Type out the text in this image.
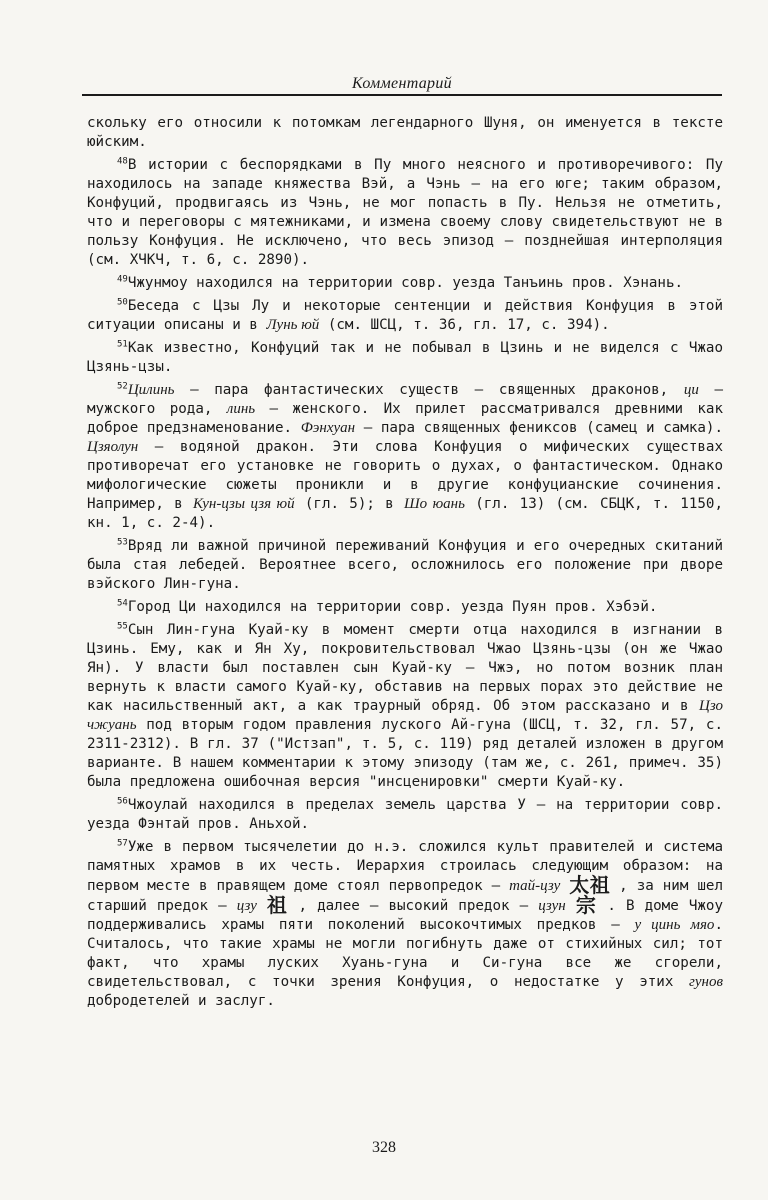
Комментарий

скольку его относили к потомкам легендарного Шуня, он именуется в тексте юйским.

$^{48}$В истории с беспорядками в Пу много неясного и противоречивого: Пу находилось на западе княжества Вэй, а Чэнь — на его юге; таким образом, Конфуций, продвигаясь из Чэнь, не мог попасть в Пу. Нельзя не отметить, что и переговоры с мятежниками, и измена своему слову свидетельствуют не в пользу Конфуция. Не исключено, что весь эпизод — позднейшая интерполяция (см. ХЧКЧ, т. 6, с. 2890).

$^{49}$Чжунмоу находился на территории совр. уезда Танъинь пров. Хэнань.

$^{50}$Беседа с Цзы Лу и некоторые сентенции и действия Конфуция в этой ситуации описаны и в Лунь юй (см. ШСЦ, т. 36, гл. 17, с. 394).

$^{51}$Как известно, Конфуций так и не побывал в Цзинь и не виделся с Чжао Цзянь-цзы.

$^{52}$Цилинь — пара фантастических существ — священных драконов, ци — мужского рода, линь — женского. Их прилет рассматривался древними как доброе предзнаменование. Фэнхуан — пара священных фениксов (самец и самка). Цзяолун — водяной дракон. Эти слова Конфуция о мифических существах противоречат его установке не говорить о духах, о фантастическом. Однако мифологические сюжеты проникли и в другие конфуцианские сочинения. Например, в Кун-цзы цзя юй (гл. 5); в Шо юань (гл. 13) (см. СБЦК, т. 1150, кн. 1, с. 2-4).

$^{53}$Вряд ли важной причиной переживаний Конфуция и его очередных скитаний была стая лебедей. Вероятнее всего, осложнилось его положение при дворе вэйского Лин-гуна.

$^{54}$Город Ци находился на территории совр. уезда Пуян пров. Хэбэй.

$^{55}$Сын Лин-гуна Куай-ку в момент смерти отца находился в изгнании в Цзинь. Ему, как и Ян Ху, покровительствовал Чжао Цзянь-цзы (он же Чжао Ян). У власти был поставлен сын Куай-ку — Чжэ, но потом возник план вернуть к власти самого Куай-ку, обставив на первых порах это действие не как насильственный акт, а как траурный обряд. Об этом рассказано и в Цзо чжуань под вторым годом правления луского Ай-гуна (ШСЦ, т. 32, гл. 57, с. 2311-2312). В гл. 37 ("Истзап", т. 5, с. 119) ряд деталей изложен в другом варианте. В нашем комментарии к этому эпизоду (там же, с. 261, примеч. 35) была предложена ошибочная версия "инсценировки" смерти Куай-ку.

$^{56}$Чжоулай находился в пределах земель царства У — на территории совр. уезда Фэнтай пров. Аньхой.

$^{57}$Уже в первом тысячелетии до н.э. сложился культ правителей и система памятных храмов в их честь. Иерархия строилась следующим образом: на первом месте в правящем доме стоял первопредок — тай-цзу 太祖 , за ним шел старший предок — цзу 祖 , далее — высокий предок — цзун 宗 . В доме Чжоу поддерживались храмы пяти поколений высокочтимых предков — у цинь мяо. Считалось, что такие храмы не могли погибнуть даже от стихийных сил; тот факт, что храмы луских Хуань-гуна и Си-гуна все же сгорели, свидетельствовал, с точки зрения Конфуция, о недостатке у этих гунов добродетелей и заслуг.

328
